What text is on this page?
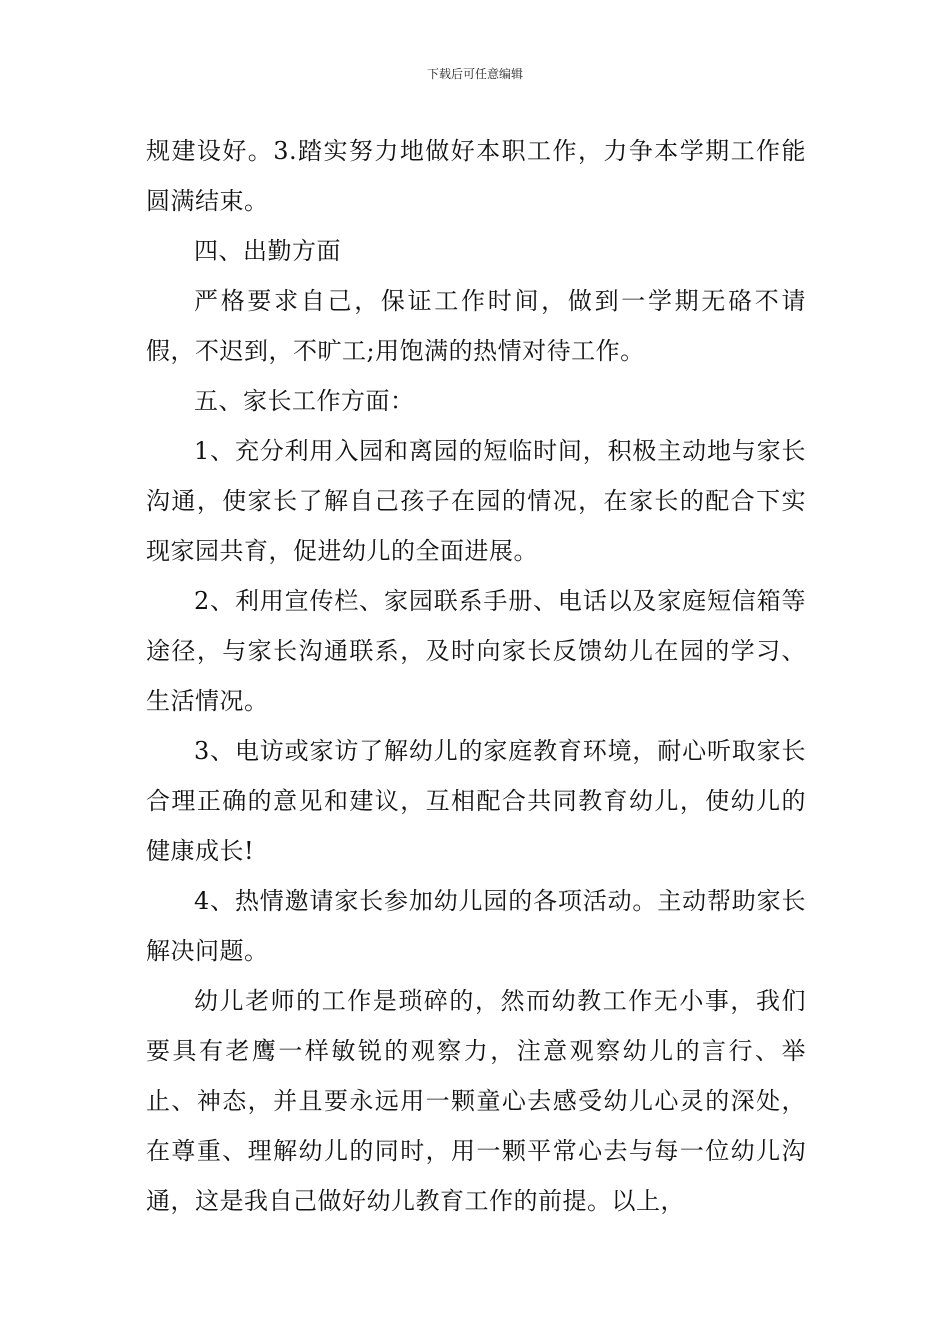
下载后可任意编辑

规建设好。3.踏实努力地做好本职工作，力争本学期工作能圆满结束。

四、出勤方面

严格要求自己，保证工作时间，做到一学期无硌不请假，不迟到，不旷工;用饱满的热情对待工作。

五、家长工作方面：

1、充分利用入园和离园的短临时间，积极主动地与家长沟通，使家长了解自己孩子在园的情况，在家长的配合下实现家园共育，促进幼儿的全面进展。

2、利用宣传栏、家园联系手册、电话以及家庭短信箱等途径，与家长沟通联系，及时向家长反馈幼儿在园的学习、生活情况。

3、电访或家访了解幼儿的家庭教育环境，耐心听取家长合理正确的意见和建议，互相配合共同教育幼儿，使幼儿的健康成长!

4、热情邀请家长参加幼儿园的各项活动。主动帮助家长解决问题。

幼儿老师的工作是琐碎的，然而幼教工作无小事，我们要具有老鹰一样敏锐的观察力，注意观察幼儿的言行、举止、神态，并且要永远用一颗童心去感受幼儿心灵的深处，在尊重、理解幼儿的同时，用一颗平常心去与每一位幼儿沟通，这是我自己做好幼儿教育工作的前提。以上，
